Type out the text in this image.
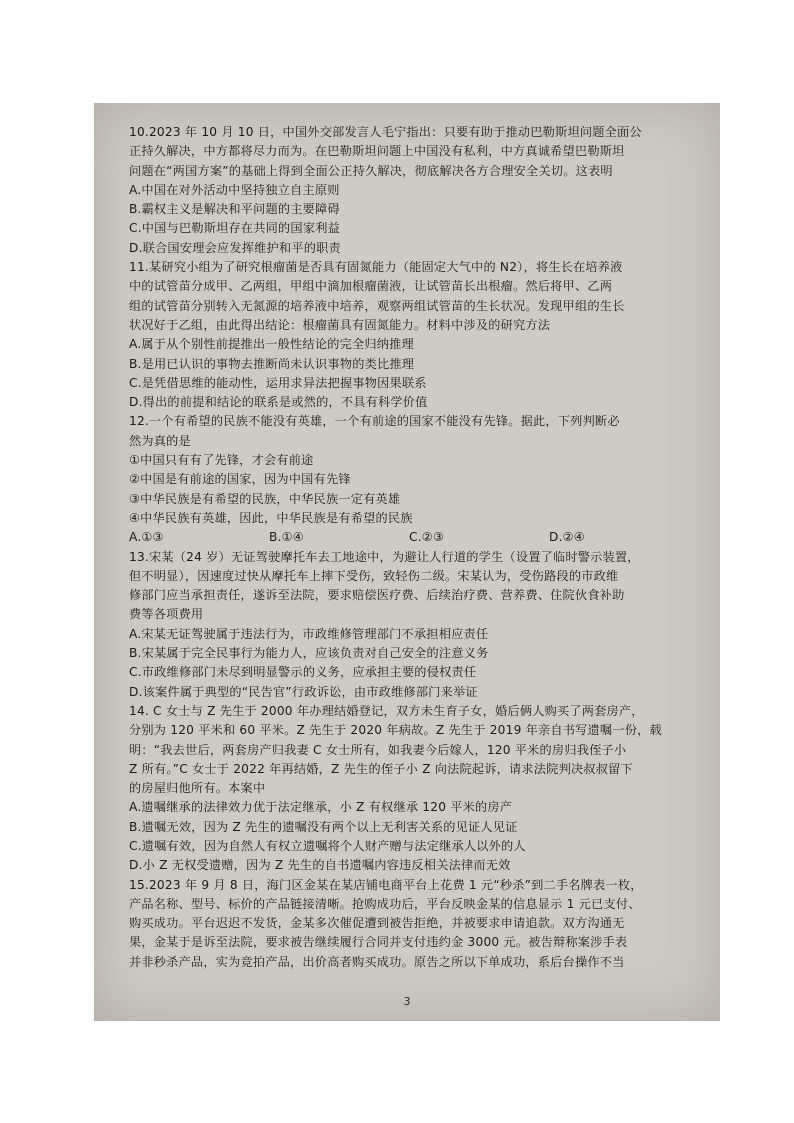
10.2023 年 10 月 10 日，中国外交部发言人毛宁指出：只要有助于推动巴勒斯坦问题全面公

正持久解决，中方都将尽力而为。在巴勒斯坦问题上中国没有私利，中方真诚希望巴勒斯坦

问题在“两国方案”的基础上得到全面公正持久解决，彻底解决各方合理安全关切。这表明

A.中国在对外活动中坚持独立自主原则

B.霸权主义是解决和平问题的主要障碍

C.中国与巴勒斯坦存在共同的国家利益

D.联合国安理会应发挥维护和平的职责

11.某研究小组为了研究根瘤菌是否具有固氮能力（能固定大气中的 N2），将生长在培养液

中的试管苗分成甲、乙两组，甲组中滴加根瘤菌液，让试管苗长出根瘤。然后将甲、乙两

组的试管苗分别转入无氮源的培养液中培养，观察两组试管苗的生长状况。发现甲组的生长

状况好于乙组，由此得出结论：根瘤菌具有固氮能力。材料中涉及的研究方法

A.属于从个别性前提推出一般性结论的完全归纳推理

B.是用已认识的事物去推断尚未认识事物的类比推理

C.是凭借思维的能动性，运用求异法把握事物因果联系

D.得出的前提和结论的联系是或然的，不具有科学价值

12.一个有希望的民族不能没有英雄，一个有前途的国家不能没有先锋。据此，下列判断必

然为真的是

①中国只有有了先锋，才会有前途

②中国是有前途的国家，因为中国有先锋

③中华民族是有希望的民族，中华民族一定有英雄

④中华民族有英雄，因此，中华民族是有希望的民族

A.①③	B.①④	C.②③	D.②④

13.宋某（24 岁）无证驾驶摩托车去工地途中，为避让人行道的学生（设置了临时警示装置，

但不明显），因速度过快从摩托车上摔下受伤，致轻伤二级。宋某认为，受伤路段的市政维

修部门应当承担责任，遂诉至法院，要求赔偿医疗费、后续治疗费、营养费、住院伙食补助

费等各项费用

A.宋某无证驾驶属于违法行为，市政维修管理部门不承担相应责任

B.宋某属于完全民事行为能力人，应该负责对自己安全的注意义务

C.市政维修部门未尽到明显警示的义务，应承担主要的侵权责任

D.该案件属于典型的“民告官”行政诉讼，由市政维修部门来举证

14. C 女士与 Z 先生于 2000 年办理结婚登记，双方未生育子女，婚后俩人购买了两套房产，

分别为 120 平米和 60 平米。Z 先生于 2020 年病故。Z 先生于 2019 年亲自书写遗嘱一份，载

明：“我去世后，两套房产归我妻 C 女士所有，如我妻今后嫁人，120 平米的房归我侄子小

Z 所有。”C 女士于 2022 年再结婚，Z 先生的侄子小 Z 向法院起诉，请求法院判决叔叔留下

的房屋归他所有。本案中

A.遗嘱继承的法律效力优于法定继承，小 Z 有权继承 120 平米的房产

B.遗嘱无效，因为 Z 先生的遗嘱没有两个以上无利害关系的见证人见证

C.遗嘱有效，因为自然人有权立遗嘱将个人财产赠与法定继承人以外的人

D.小 Z 无权受遗赠，因为 Z 先生的自书遗嘱内容违反相关法律而无效

15.2023 年 9 月 8 日，海门区金某在某店铺电商平台上花费 1 元“秒杀”到二手名牌表一枚，

产品名称、型号、标价的产品链接清晰。抢购成功后，平台反映金某的信息显示 1 元已支付、

购买成功。平台迟迟不发货，金某多次催促遭到被告拒绝，并被要求申请追款。双方沟通无

果，金某于是诉至法院，要求被告继续履行合同并支付违约金 3000 元。被告辩称案涉手表

并非秒杀产品，实为竞拍产品，出价高者购买成功。原告之所以下单成功，系后台操作不当

3
